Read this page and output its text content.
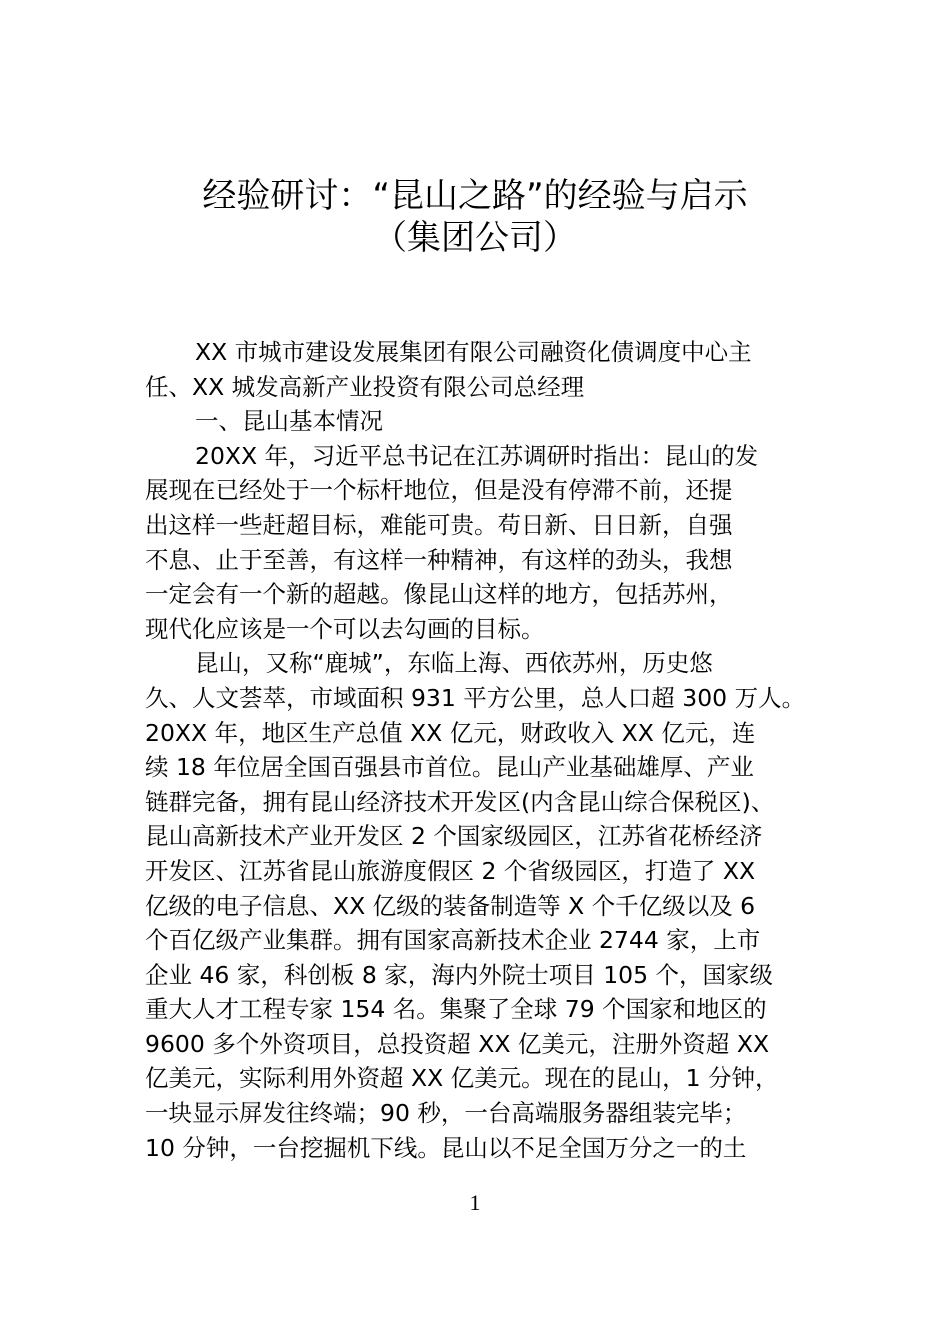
经验研讨：“昆山之路”的经验与启示
（集团公司）
XX 市城市建设发展集团有限公司融资化债调度中心主
任、XX 城发高新产业投资有限公司总经理
一、昆山基本情况
20XX 年，习近平总书记在江苏调研时指出：昆山的发
展现在已经处于一个标杆地位，但是没有停滞不前，还提
出这样一些赶超目标，难能可贵。苟日新、日日新，自强
不息、止于至善，有这样一种精神，有这样的劲头，我想
一定会有一个新的超越。像昆山这样的地方，包括苏州，
现代化应该是一个可以去勾画的目标。
昆山，又称“鹿城”，东临上海、西依苏州，历史悠
久、人文荟萃，市域面积 931 平方公里，总人口超 300 万人。
20XX 年，地区生产总值 XX 亿元，财政收入 XX 亿元，连
续 18 年位居全国百强县市首位。昆山产业基础雄厚、产业
链群完备，拥有昆山经济技术开发区(内含昆山综合保税区)、
昆山高新技术产业开发区 2 个国家级园区，江苏省花桥经济
开发区、江苏省昆山旅游度假区 2 个省级园区，打造了 XX
亿级的电子信息、XX 亿级的装备制造等 X 个千亿级以及 6
个百亿级产业集群。拥有国家高新技术企业 2744 家，上市
企业 46 家，科创板 8 家，海内外院士项目 105 个，国家级
重大人才工程专家 154 名。集聚了全球 79 个国家和地区的
9600 多个外资项目，总投资超 XX 亿美元，注册外资超 XX
亿美元，实际利用外资超 XX 亿美元。现在的昆山，1 分钟，
一块显示屏发往终端；90 秒，一台高端服务器组装完毕；
10 分钟，一台挖掘机下线。昆山以不足全国万分之一的土
1
